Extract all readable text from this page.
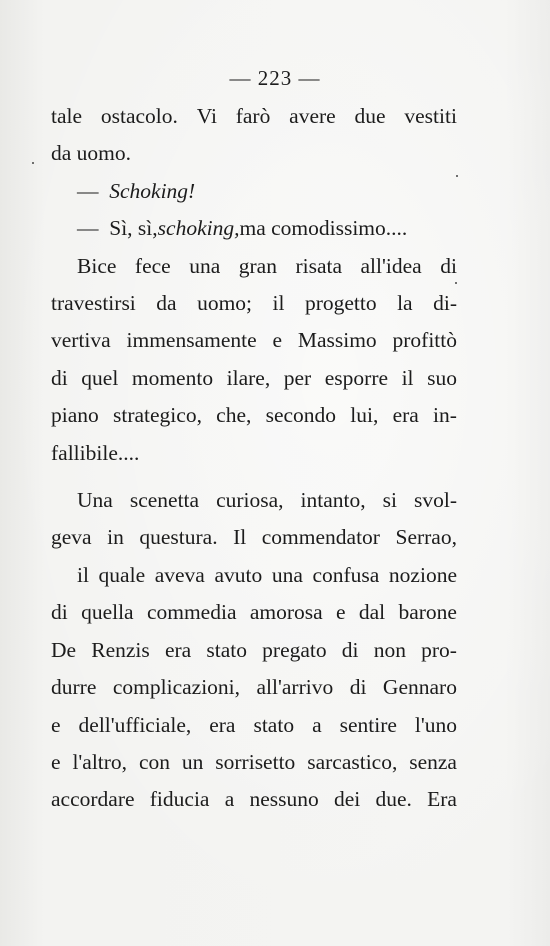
— 223 —
tale ostacolo. Vi farò avere due vestiti
da uomo.
—
Schoking!
—
Sì, sì, schoking, ma comodissimo....
Bice fece una gran risata all'idea di
travestirsi da uomo; il progetto la di-
vertiva immensamente e Massimo profittò
di quel momento ilare, per esporre il suo
piano strategico, che, secondo lui, era in-
fallibile....
Una scenetta curiosa, intanto, si svol-
geva in questura. Il commendator Serrao,
il quale aveva avuto una confusa nozione
di quella commedia amorosa e dal barone
De Renzis era stato pregato di non pro-
durre complicazioni, all'arrivo di Gennaro
e dell'ufficiale, era stato a sentire l'uno
e l'altro, con un sorrisetto sarcastico, senza
accordare fiducia a nessuno dei due. Era
